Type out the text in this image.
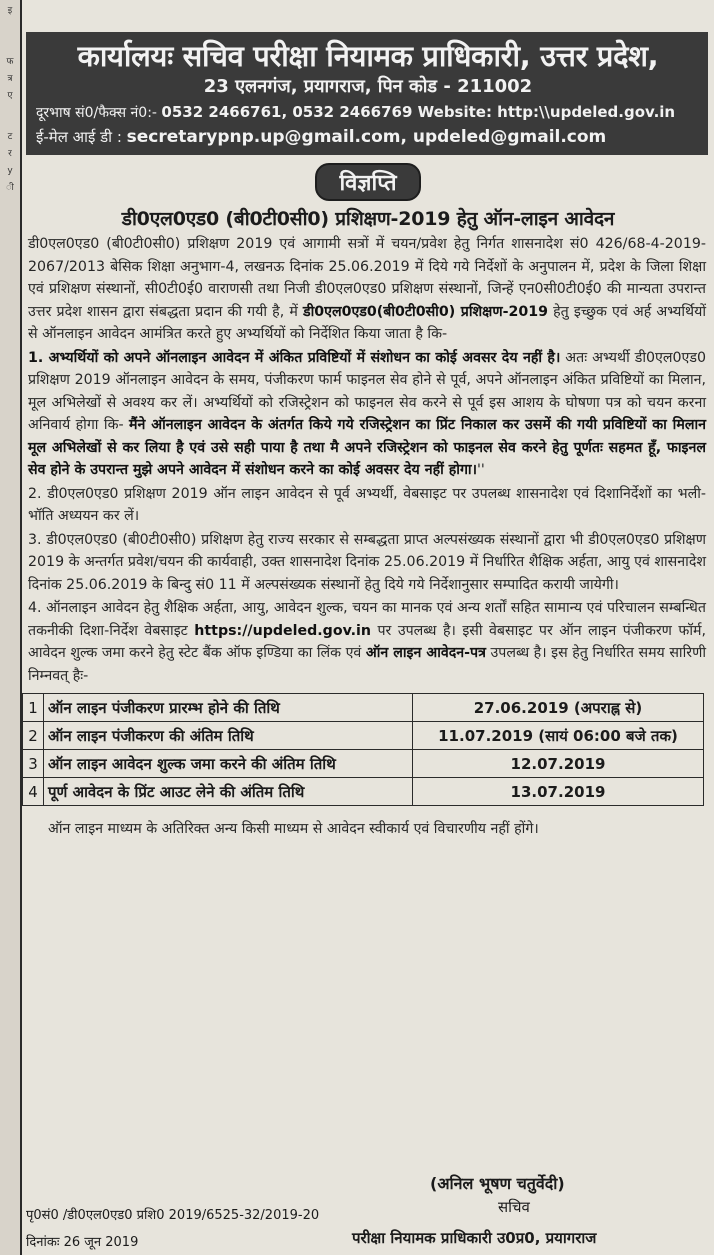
इ
फ
त्र
ए
ट
र
y
ी
कार्यालयः सचिव परीक्षा नियामक प्राधिकारी, उत्तर प्रदेश,
23 एलनगंज, प्रयागराज, पिन कोड - 211002
दूरभाष सं0/फैक्स नं0:- 0532 2466761, 0532 2466769 Website: http:\\updeled.gov.in
ई-मेल आई डी : secretarypnp.up@gmail.com, updeled@gmail.com
विज्ञप्ति
डी0एल0एड0 (बी0टी0सी0) प्रशिक्षण-2019 हेतु ऑन-लाइन आवेदन

डी0एल0एड0 (बी0टी0सी0) प्रशिक्षण 2019 एवं आगामी सत्रों में चयन/प्रवेश हेतु निर्गत शासनादेश सं0 426/68-4-2019-2067/2013 बेसिक शिक्षा अनुभाग-4, लखनऊ दिनांक 25.06.2019 में दिये गये निर्देशों के अनुपालन में, प्रदेश के जिला शिक्षा एवं प्रशिक्षण संस्थानों, सी0टी0ई0 वाराणसी तथा निजी डी0एल0एड0 प्रशिक्षण संस्थानों, जिन्हें एन0सी0टी0ई0 की मान्यता उपरान्त उत्तर प्रदेश शासन द्वारा संबद्धता प्रदान की गयी है, में डी0एल0एड0(बी0टी0सी0) प्रशिक्षण-2019 हेतु इच्छुक एवं अर्ह अभ्यर्थियों से ऑनलाइन आवेदन आमंत्रित करते हुए अभ्यर्थियों को निर्देशित किया जाता है कि-

1. अभ्यर्थियों को अपने ऑनलाइन आवेदन में अंकित प्रविष्टियों में संशोधन का कोई अवसर देय नहीं है। अतः अभ्यर्थी डी0एल0एड0 प्रशिक्षण 2019 ऑनलाइन आवेदन के समय, पंजीकरण फार्म फाइनल सेव होने से पूर्व, अपने ऑनलाइन अंकित प्रविष्टियों का मिलान, मूल अभिलेखों से अवश्य कर लें। अभ्यर्थियों को रजिस्ट्रेशन को फाइनल सेव करने से पूर्व इस आशय के घोषणा पत्र को चयन करना अनिवार्य होगा कि- मैंने ऑनलाइन आवेदन के अंतर्गत किये गये रजिस्ट्रेशन का प्रिंट निकाल कर उसमें की गयी प्रविष्टियों का मिलान मूल अभिलेखों से कर लिया है एवं उसे सही पाया है तथा मै अपने रजिस्ट्रेशन को फाइनल सेव करने हेतु पूर्णतः सहमत हूँ, फाइनल सेव होने के उपरान्त मुझे अपने आवेदन में संशोधन करने का कोई अवसर देय नहीं होगा।''

2. डी0एल0एड0 प्रशिक्षण 2019 ऑन लाइन आवेदन से पूर्व अभ्यर्थी, वेबसाइट पर उपलब्ध शासनादेश एवं दिशानिर्देशों का भली-भॉति अध्ययन कर लें।

3. डी0एल0एड0 (बी0टी0सी0) प्रशिक्षण हेतु राज्य सरकार से सम्बद्धता प्राप्त अल्पसंख्यक संस्थानों द्वारा भी डी0एल0एड0 प्रशिक्षण 2019 के अन्तर्गत प्रवेश/चयन की कार्यवाही, उक्त शासनादेश दिनांक 25.06.2019 में निर्धारित शैक्षिक अर्हता, आयु एवं शासनादेश दिनांक 25.06.2019 के बिन्दु सं0 11 में अल्पसंख्यक संस्थानों हेतु दिये गये निर्देशानुसार सम्पादित करायी जायेगी।

4. ऑनलाइन आवेदन हेतु शैक्षिक अर्हता, आयु, आवेदन शुल्क, चयन का मानक एवं अन्य शर्तों सहित सामान्य एवं परिचालन सम्बन्धित तकनीकी दिशा-निर्देश वेबसाइट https://updeled.gov.in पर उपलब्ध है। इसी वेबसाइट पर ऑन लाइन पंजीकरण फॉर्म, आवेदन शुल्क जमा करने हेतु स्टेट बैंक ऑफ इण्डिया का लिंक एवं ऑन लाइन आवेदन-पत्र उपलब्ध है। इस हेतु निर्धारित समय सारिणी निम्नवत् हैः-

1	ऑन लाइन पंजीकरण प्रारम्भ होने की तिथि	27.06.2019 (अपराह्न से)
2	ऑन लाइन पंजीकरण की अंतिम तिथि	11.07.2019 (सायं 06:00 बजे तक)
3	ऑन लाइन आवेदन शुल्क जमा करने की अंतिम तिथि	12.07.2019
4	पूर्ण आवेदन के प्रिंट आउट लेने की अंतिम तिथि	13.07.2019
ऑन लाइन माध्यम के अतिरिक्त अन्य किसी माध्यम से आवेदन स्वीकार्य एवं विचारणीय नहीं होंगे।
(अनिल भूषण चतुर्वेदी)
सचिव
पृ0सं0 /डी0एल0एड0 प्रशि0 2019/6525-32/2019-20
दिनांकः 26 जून 2019	परीक्षा नियामक प्राधिकारी उ0प्र0, प्रयागराज
